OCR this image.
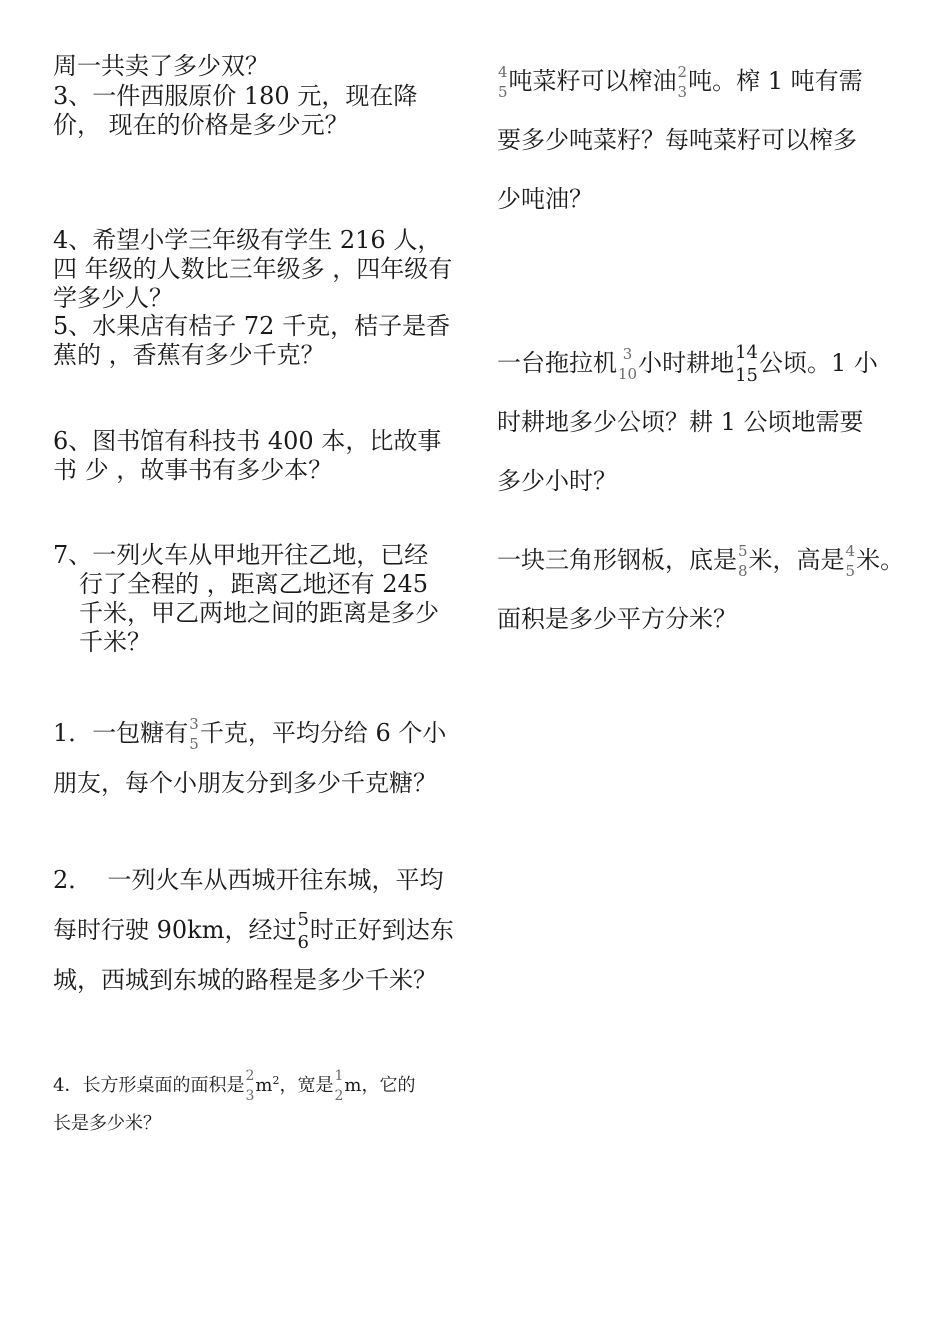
周一共卖了多少双？
3、一件西服原价 180 元，现在降价， 现在的价格是多少元？
4、希望小学三年级有学生 216 人，四 年级的人数比三年级多 ，四年级有 学多少人？
5、水果店有桔子 72 千克，桔子是香 蕉的 ，香蕉有多少千克？
6、图书馆有科技书 400 本，比故事书 少 ，故事书有多少本？
7、一列火车从甲地开往乙地，已经 行了全程的 ，距离乙地还有 245 千米，甲乙两地之间的距离是多少 千米？
1．一包糖有 3
5 千克，平均分给 6 个小
朋友，每个小朋友分到多少千克糖？
2．  一列火车从西城开往东城，平均
每时行驶 90km，经过 5
6 时正好到达东
城，西城到东城的路程是多少千米？
4．长方形桌面的面积是 2
3 $m^2$，宽是 1
2 m，它的
长是多少米？
4
5 吨菜籽可以榨油 2
3 吨。榨 1 吨有需
要多少吨菜籽？每吨菜籽可以榨多
少吨油？
一台拖拉机 3
10 小时耕地 14
15 公顷。1 小
时耕地多少公顷？耕 1 公顷地需要
多少小时？
一块三角形钢板，底是 5
8 米，高是 4
5 米。
面积是多少平方分米？
